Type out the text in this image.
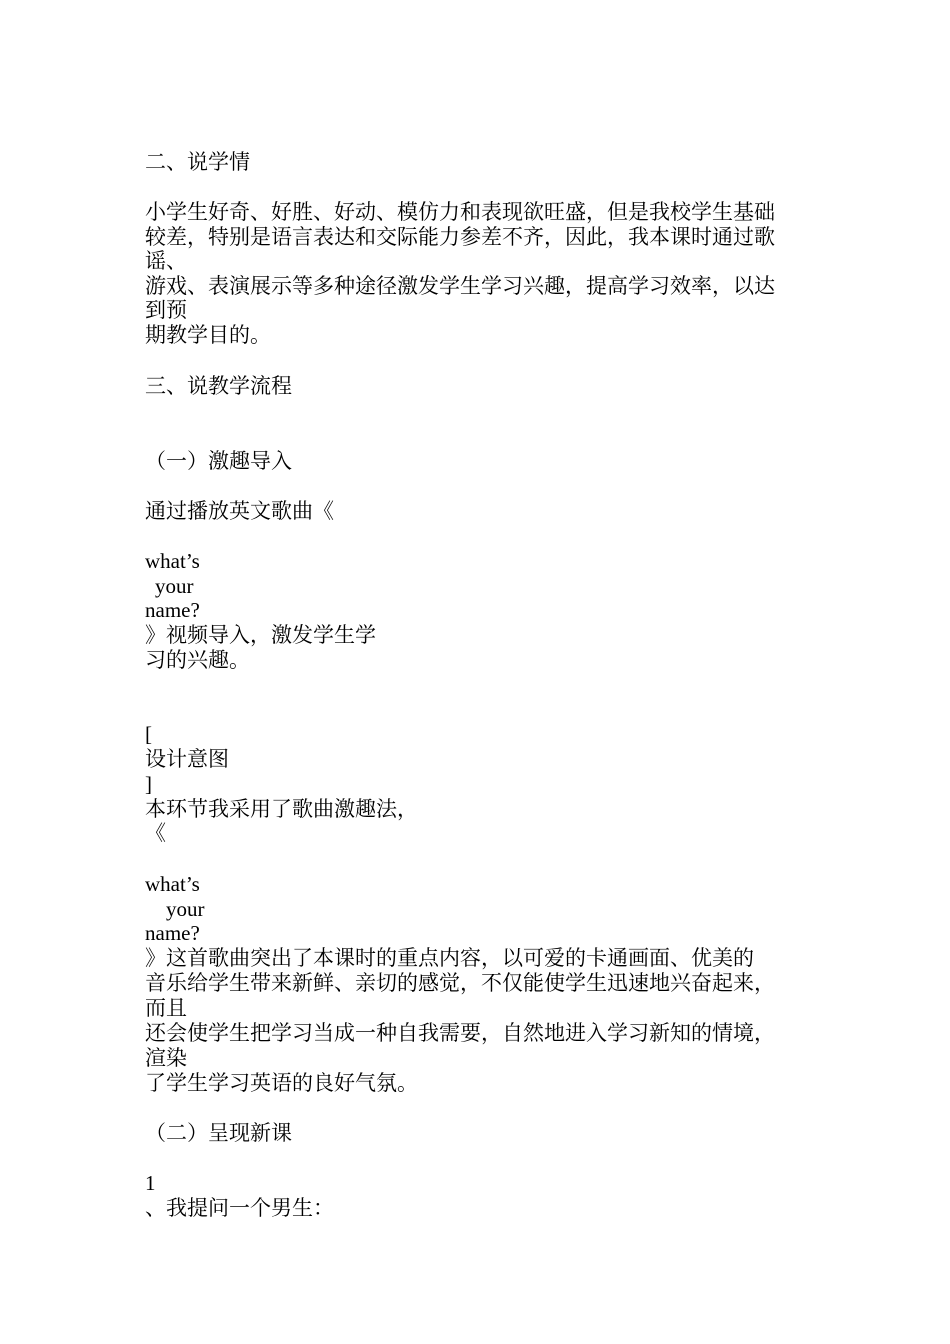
二、说学情
小学生好奇、好胜、好动、模仿力和表现欲旺盛，但是我校学生基础
较差，特别是语言表达和交际能力参差不齐，因此，我本课时通过歌
谣、
游戏、表演展示等多种途径激发学生学习兴趣，提高学习效率，以达
到预
期教学目的。
三、说教学流程
（一）激趣导入
通过播放英文歌曲《
what’s
your
name?
》视频导入，激发学生学
习的兴趣。
[
设计意图
]
本环节我采用了歌曲激趣法，
《
what’s
your
name?
》这首歌曲突出了本课时的重点内容，以可爱的卡通画面、优美的
音乐给学生带来新鲜、亲切的感觉，不仅能使学生迅速地兴奋起来，
而且
还会使学生把学习当成一种自我需要，自然地进入学习新知的情境，
渲染
了学生学习英语的良好气氛。
（二）呈现新课
1
、我提问一个男生：
